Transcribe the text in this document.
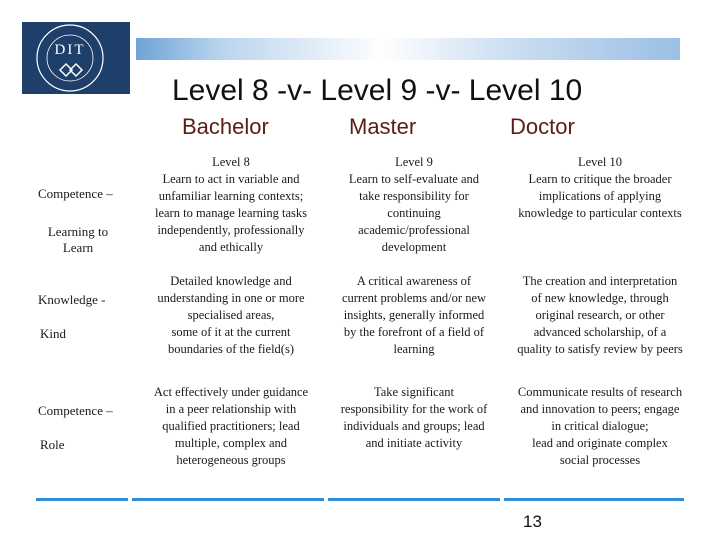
DIT
Level 8 -v- Level 9 -v- Level 10
Bachelor	Master	Doctor
Competence –
Learning to Learn
Knowledge -
Kind
Competence –
Role
Level 8
Learn to act in variable and
unfamiliar learning contexts;
learn to manage learning tasks
independently, professionally
and ethically
Level 9
Learn to self-evaluate and
take responsibility for
continuing
academic/professional
development
Level 10
Learn to critique the broader
implications of applying
knowledge to particular contexts
Detailed knowledge and
understanding in one or more
specialised areas,
some of it at the current
boundaries of the field(s)
A critical awareness of
current problems and/or new
insights, generally informed
by the forefront of a field of
learning
The creation and interpretation
of new knowledge, through
original research, or other
advanced scholarship, of a
quality to satisfy review by peers
Act effectively under guidance
in a peer relationship with
qualified practitioners; lead
multiple, complex and
heterogeneous groups
Take significant
responsibility for the work of
individuals and groups; lead
and initiate activity
Communicate results of research
and innovation to peers; engage
in critical dialogue;
lead and originate complex
social processes
13
